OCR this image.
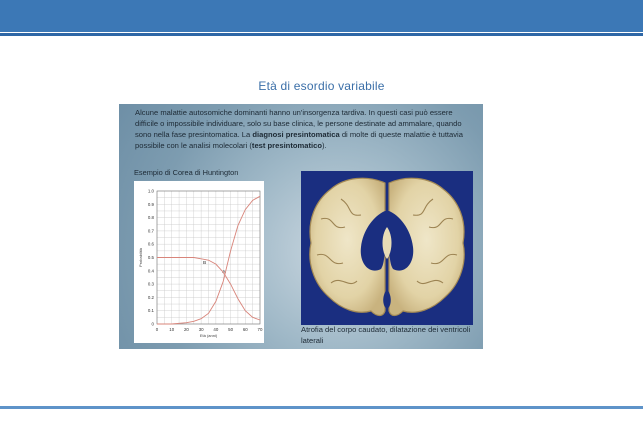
Età di esordio variabile
Alcune malattie autosomiche dominanti hanno un'insorgenza tardiva. In questi casi può essere difficile o impossibile individuare, solo su base clinica, le persone destinate ad ammalare, quando sono nella fase presintomatica. La diagnosi presintomatica di molte di queste malattie è tuttavia possibile con le analisi molecolari (test presintomatico).
Esempio di Corea di Huntington
0
0.1
0.2
0.3
0.4
0.5
0.6
0.7
0.8
0.9
1.0
0	10 20 30 40 50 60 70
A
B
Probabilità
Età (anni)
Atrofia del corpo caudato, dilatazione dei ventricoli laterali
